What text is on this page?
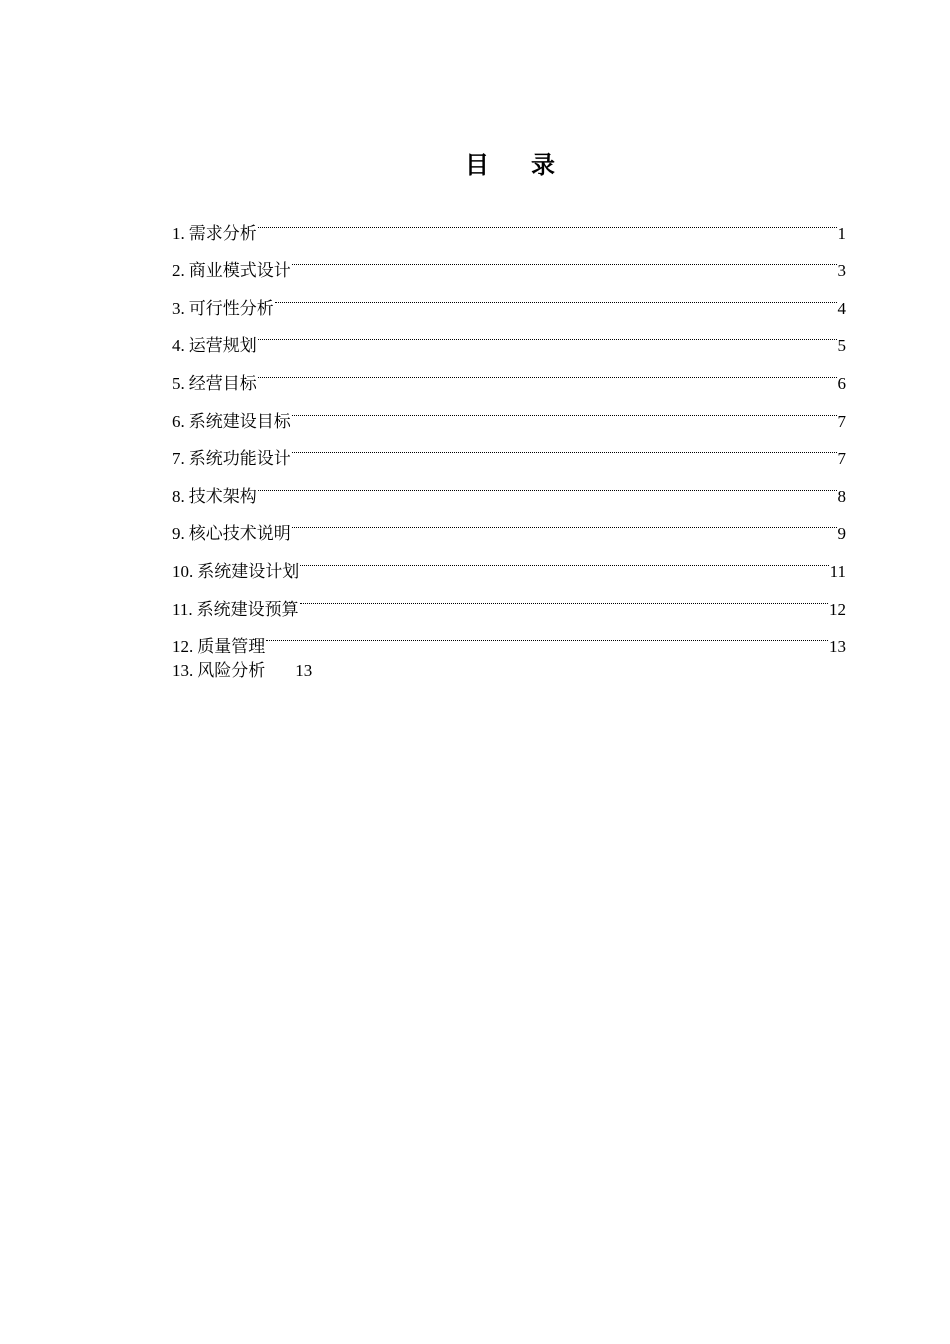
目 录
1. 需求分析	1
2. 商业模式设计	3
3. 可行性分析	4
4. 运营规划	5
5. 经营目标	6
6. 系统建设目标	7
7. 系统功能设计	7
8. 技术架构	8
9. 核心技术说明	9
10. 系统建设计划	11
11. 系统建设预算	12
12. 质量管理	13
13. 风险分析 13
